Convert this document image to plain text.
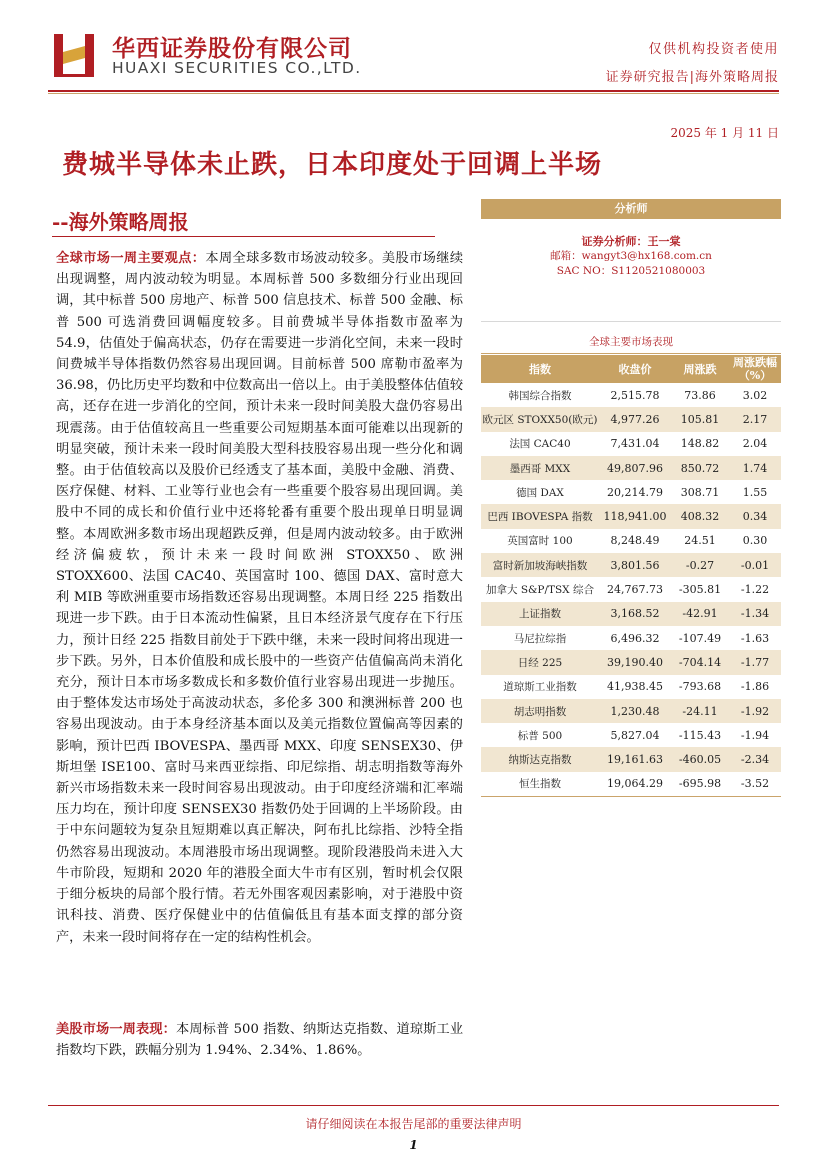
华西证券股份有限公司
HUAXI SECURITIES CO.,LTD.
仅供机构投资者使用
证券研究报告|海外策略周报
2025 年 1 月 11 日
费城半导体未止跌，日本印度处于回调上半场
--海外策略周报
全球市场一周主要观点：本周全球多数市场波动较多。美股市场继续出现调整，周内波动较为明显。本周标普 500 多数细分行业出现回调，其中标普 500 房地产、标普 500 信息技术、标普 500 金融、标普 500 可选消费回调幅度较多。目前费城半导体指数市盈率为 54.9，估值处于偏高状态，仍存在需要进一步消化空间，未来一段时间费城半导体指数仍然容易出现回调。目前标普 500 席勒市盈率为 36.98，仍比历史平均数和中位数高出一倍以上。由于美股整体估值较高，还存在进一步消化的空间，预计未来一段时间美股大盘仍容易出现震荡。由于估值较高且一些重要公司短期基本面可能难以出现新的明显突破，预计未来一段时间美股大型科技股容易出现一些分化和调整。由于估值较高以及股价已经透支了基本面，美股中金融、消费、医疗保健、材料、工业等行业也会有一些重要个股容易出现回调。美股中不同的成长和价值行业中还将轮番有重要个股出现单日明显调整。本周欧洲多数市场出现超跌反弹，但是周内波动较多。由于欧洲经济偏疲软，预计未来一段时间欧洲 STOXX50、欧洲 STOXX600、法国 CAC40、英国富时 100、德国 DAX、富时意大利 MIB 等欧洲重要市场指数还容易出现调整。本周日经 225 指数出现进一步下跌。由于日本流动性偏紧，且日本经济景气度存在下行压力，预计日经 225 指数目前处于下跌中继，未来一段时间将出现进一步下跌。另外，日本价值股和成长股中的一些资产估值偏高尚未消化充分，预计日本市场多数成长和多数价值行业容易出现进一步抛压。由于整体发达市场处于高波动状态，多伦多 300 和澳洲标普 200 也容易出现波动。由于本身经济基本面以及美元指数位置偏高等因素的影响，预计巴西 IBOVESPA、墨西哥 MXX、印度 SENSEX30、伊斯坦堡 ISE100、富时马来西亚综指、印尼综指、胡志明指数等海外新兴市场指数未来一段时间容易出现波动。由于印度经济端和汇率端压力均在，预计印度 SENSEX30 指数仍处于回调的上半场阶段。由于中东问题较为复杂且短期难以真正解决，阿布扎比综指、沙特全指仍然容易出现波动。本周港股市场出现调整。现阶段港股尚未进入大牛市阶段，短期和 2020 年的港股全面大牛市有区别，暂时机会仅限于细分板块的局部个股行情。若无外围客观因素影响，对于港股中资讯科技、消费、医疗保健业中的估值偏低且有基本面支撑的部分资产，未来一段时间将存在一定的结构性机会。
美股市场一周表现：本周标普 500 指数、纳斯达克指数、道琼斯工业指数均下跌，跌幅分别为 1.94%、2.34%、1.86%。
分析师
证券分析师：王一棠
邮箱：wangyt3@hx168.com.cn
SAC NO：S1120521080003
全球主要市场表现
指数	收盘价	周涨跌	周涨跌幅（%）
韩国综合指数	2,515.78	73.86	3.02
欧元区 STOXX50(欧元)	4,977.26	105.81	2.17
法国 CAC40	7,431.04	148.82	2.04
墨西哥 MXX	49,807.96	850.72	1.74
德国 DAX	20,214.79	308.71	1.55
巴西 IBOVESPA 指数	118,941.00	408.32	0.34
英国富时 100	8,248.49	24.51	0.30
富时新加坡海峡指数	3,801.56	-0.27	-0.01
加拿大 S&P/TSX 综合	24,767.73	-305.81	-1.22
上证指数	3,168.52	-42.91	-1.34
马尼拉综指	6,496.32	-107.49	-1.63
日经 225	39,190.40	-704.14	-1.77
道琼斯工业指数	41,938.45	-793.68	-1.86
胡志明指数	1,230.48	-24.11	-1.92
标普 500	5,827.04	-115.43	-1.94
纳斯达克指数	19,161.63	-460.05	-2.34
恒生指数	19,064.29	-695.98	-3.52
请仔细阅读在本报告尾部的重要法律声明
1
